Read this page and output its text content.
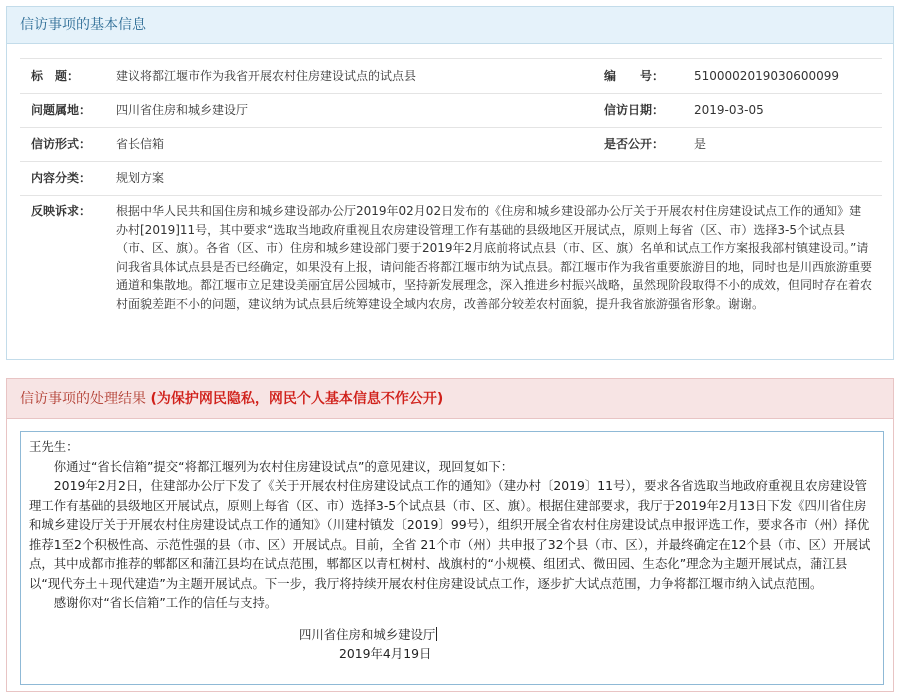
信访事项的基本信息
标　题：	建议将都江堰市作为我省开展农村住房建设试点的试点县	编　　号：	510000201903060009​9
问题属地：	四川省住房和城乡建设厅	信访日期：	2019-03-05
信访形式：	省长信箱	是否公开：	是
内容分类：	规划方案		
反映诉求：	根据中华人民共和国住房和城乡建设部办公厅2019年02月02日发布的《住房和城乡建设部办公厅关于开展农村住房建设试点工作的通知》建办村[2019]11号，其中要求“选取当地政府重视且农房建设管理工作有基础的县级地区开展试点，原则上每省（区、市）选择3-5个试点县（市、区、旗）。各省（区、市）住房和城乡建设部门要于2019年2月底前将试点县（市、区、旗）名单和试点工作方案报我部村镇建设司。”请问我省具体试点县是否已经确定，如果没有上报，请问能否将都江堰市纳为试点县。都江堰市作为我省重要旅游目的地，同时也是川西旅游重要通道和集散地。都江堰市立足建设美丽宜居公园城市，坚持新发展理念，深入推进乡村振兴战略，虽然现阶段取得不小的成效，但同时存在着农村面貌差距不小的问题，建议纳为试点县后统筹建设全域内农房，改善部分较差农村面貌，提升我省旅游强省形象。谢谢。		
信访事项的处理结果 (为保护网民隐私，网民个人基本信息不作公开)

王先生：

你通过“省长信箱”提交“将都江堰列为农村住房建设试点”的意见建议，现回复如下：

2019年2月2日，住建部办公厅下发了《关于开展农村住房建设试点工作的通知》（建办村〔2019〕11号），要求各省选取当地政府重视且农房建设管理工作有基础的县级地区开展试点，原则上每省（区、市）选择3-5个试点县（市、区、旗）。根据住建部要求，我厅于2019年2月13日下发《四川省住房和城乡建设厅关于开展农村住房建设试点工作的通知》（川建村镇发〔2019〕99号），组织开展全省农村住房建设试点申报评选工作，要求各市（州）择优推荐1至2个积极性高、示范性强的县（市、区）开展试点。目前，全省 21个市（州）共申报了32个县（市、区），并最终确定在12个县（市、区）开展试点，其中成都市推荐的郫都区和蒲江县均在试点范围，郫都区以青杠树村、战旗村的“小规模、组团式、微田园、生态化”理念为主题开展试点，蒲江县以“现代夯土＋现代建造”为主题开展试点。下一步，我厅将持续开展农村住房建设试点工作，逐步扩大试点范围，力争将都江堰市纳入试点范围。

感谢你对“省长信箱”工作的信任与支持。

四川省住房和城乡建设厅

2019年4月19日
